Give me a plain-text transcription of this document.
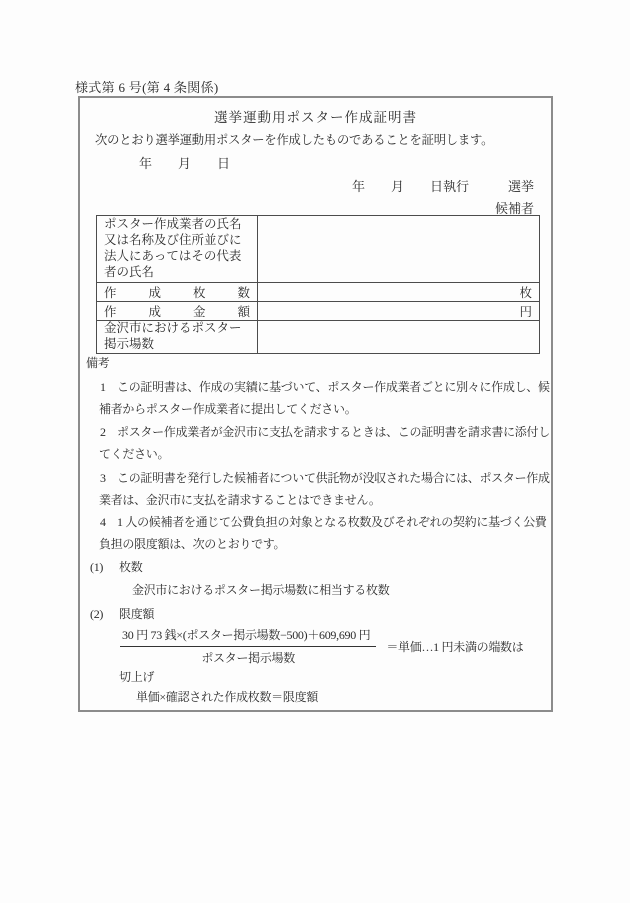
様式第 6 号(第 4 条関係)
選挙運動用ポスター作成証明書
次のとおり選挙運動用ポスターを作成したものであることを証明します。
年　　月　　日
年　　月　　日執行　　　選挙
候補者
ポスター作成業者の氏名
又は名称及び住所並びに
法人にあってはその代表
者の氏名	

作成枚数	枚
作成金額	円

金沢市におけるポスター
掲示場数	

備考
1 この証明書は、作成の実績に基づいて、ポスター作成業者ごとに別々に作成し、候
補者からポスター作成業者に提出してください。
2 ポスター作成業者が金沢市に支払を請求するときは、この証明書を請求書に添付し
てください。
3 この証明書を発行した候補者について供託物が没収された場合には、ポスター作成
業者は、金沢市に支払を請求することはできません。
4 1 人の候補者を通じて公費負担の対象となる枚数及びそれぞれの契約に基づく公費
負担の限度額は、次のとおりです。
(1) 枚数
金沢市におけるポスター掲示場数に相当する枚数
(2) 限度額
$\frac{\text{30 円 73 銭×(ポスター掲示場数−500)＋609,690 円}}{\text{ポスター掲示場数}}$ ＝単価…1 円未満の端数は
切上げ
単価×確認された作成枚数＝限度額
